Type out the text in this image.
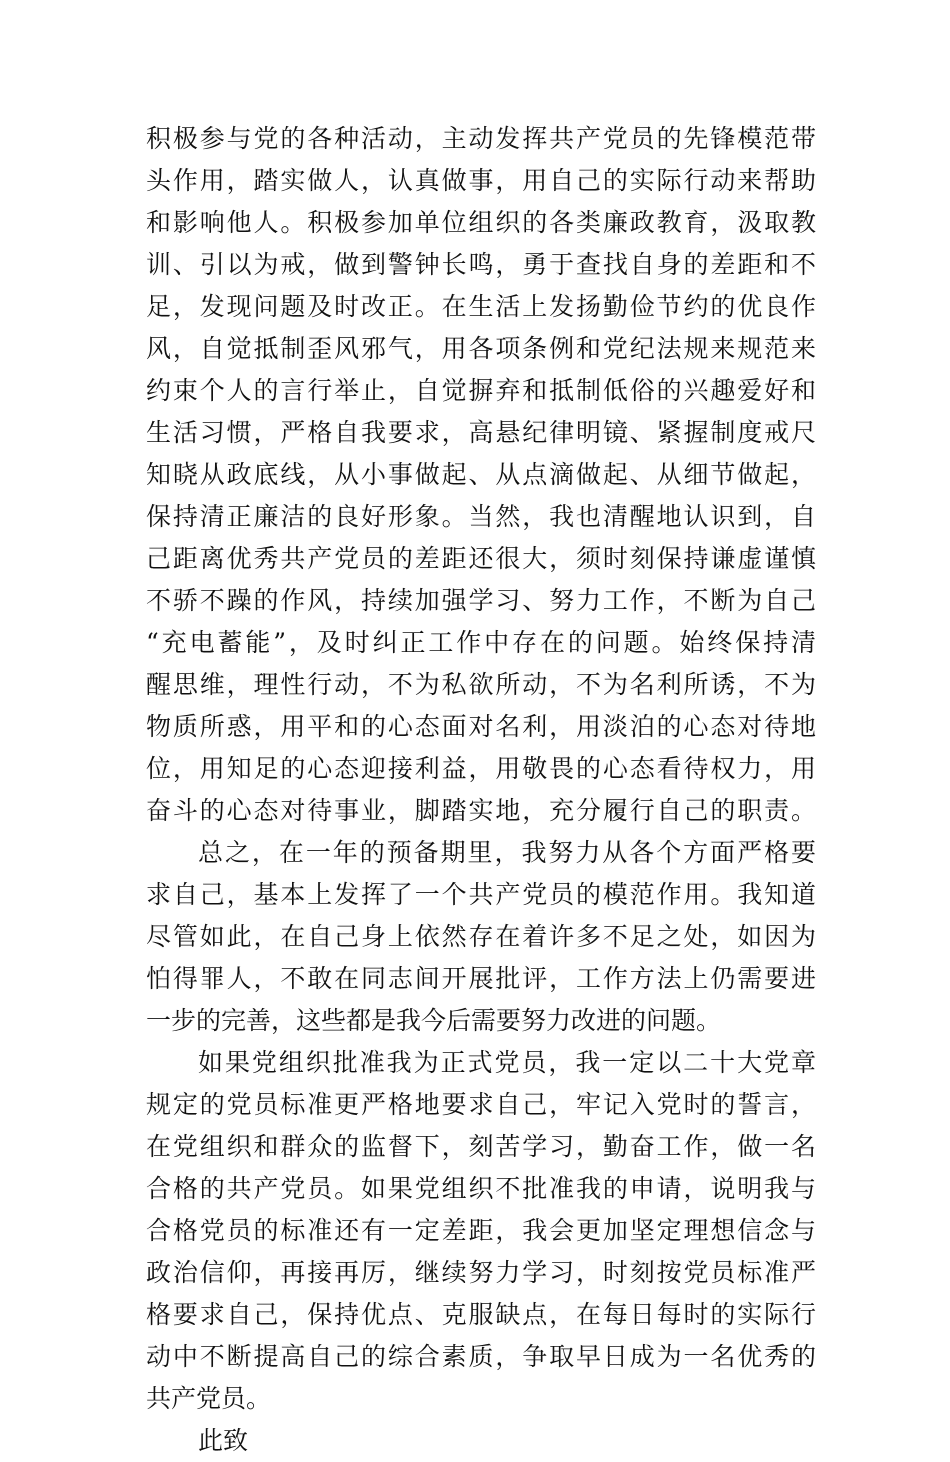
积极参与党的各种活动，主动发挥共产党员的先锋模范带
头作用，踏实做人，认真做事，用自己的实际行动来帮助
和影响他人。积极参加单位组织的各类廉政教育，汲取教
训、引以为戒，做到警钟长鸣，勇于查找自身的差距和不
足，发现问题及时改正。在生活上发扬勤俭节约的优良作
风，自觉抵制歪风邪气，用各项条例和党纪法规来规范来
约束个人的言行举止，自觉摒弃和抵制低俗的兴趣爱好和
生活习惯，严格自我要求，高悬纪律明镜、紧握制度戒尺
知晓从政底线，从小事做起、从点滴做起、从细节做起，
保持清正廉洁的良好形象。当然，我也清醒地认识到，自
己距离优秀共产党员的差距还很大，须时刻保持谦虚谨慎
不骄不躁的作风，持续加强学习、努力工作，不断为自己
“充电蓄能”，及时纠正工作中存在的问题。始终保持清
醒思维，理性行动，不为私欲所动，不为名利所诱，不为
物质所惑，用平和的心态面对名利，用淡泊的心态对待地
位，用知足的心态迎接利益，用敬畏的心态看待权力，用
奋斗的心态对待事业，脚踏实地，充分履行自己的职责。
总之，在一年的预备期里，我努力从各个方面严格要
求自己，基本上发挥了一个共产党员的模范作用。我知道
尽管如此，在自己身上依然存在着许多不足之处，如因为
怕得罪人，不敢在同志间开展批评，工作方法上仍需要进
一步的完善，这些都是我今后需要努力改进的问题。
如果党组织批准我为正式党员，我一定以二十大党章
规定的党员标准更严格地要求自己，牢记入党时的誓言，
在党组织和群众的监督下，刻苦学习，勤奋工作，做一名
合格的共产党员。如果党组织不批准我的申请，说明我与
合格党员的标准还有一定差距，我会更加坚定理想信念与
政治信仰，再接再厉，继续努力学习，时刻按党员标准严
格要求自己，保持优点、克服缺点，在每日每时的实际行
动中不断提高自己的综合素质，争取早日成为一名优秀的
共产党员。
此致
